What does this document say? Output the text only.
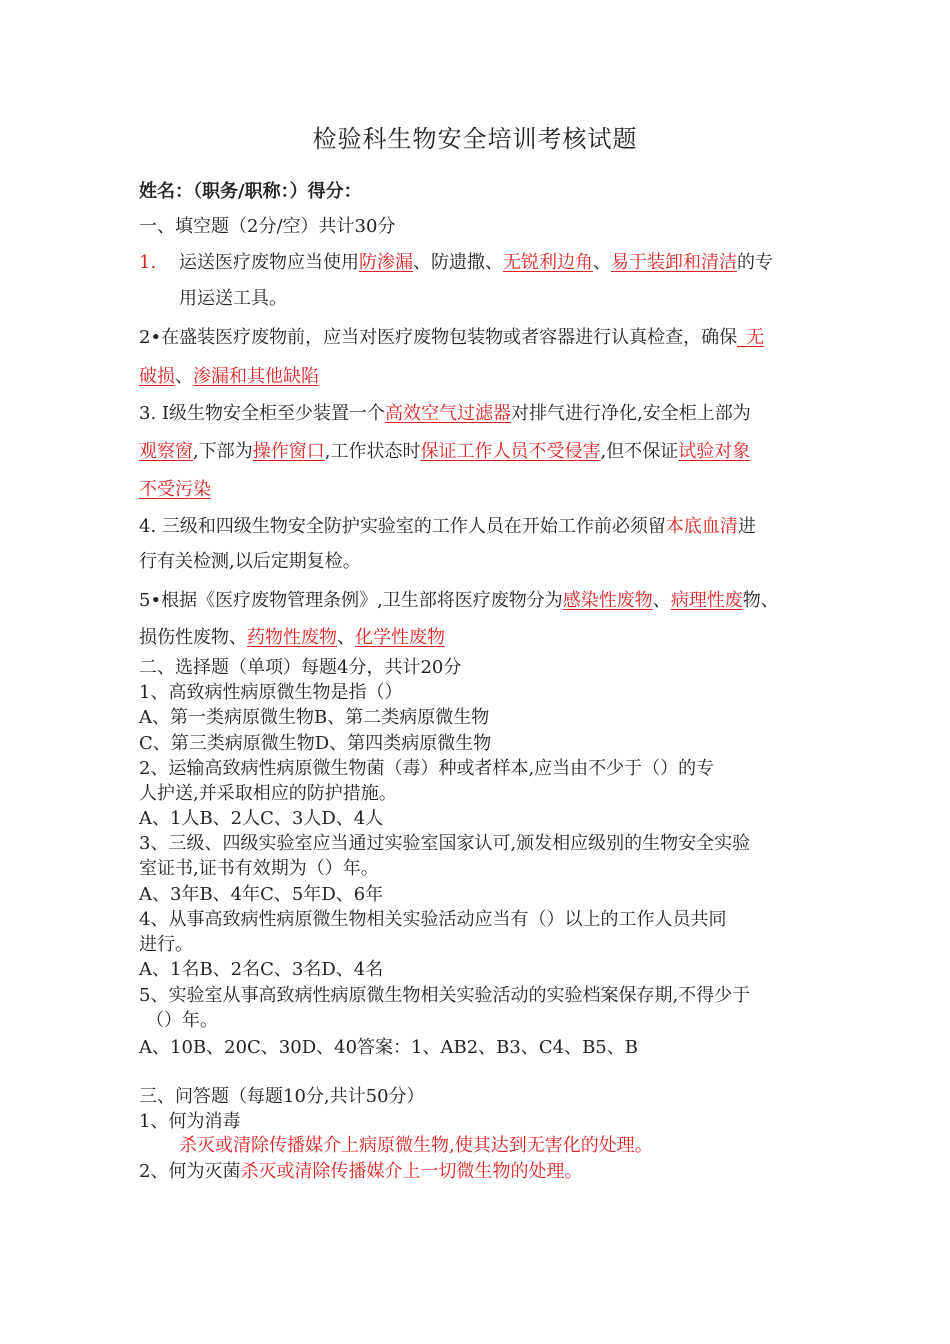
检验科生物安全培训考核试题
姓名：（职务/职称：）得分：
一、填空题（2分/空）共计30分
1. 运送医疗废物应当使用防渗漏、防遗撒、无锐利边角、易于装卸和清洁的专
用运送工具。
2•在盛装医疗废物前，应当对医疗废物包装物或者容器进行认真检查，确保_无
破损、渗漏和其他缺陷
3. Ⅰ级生物安全柜至少装置一个高效空气过滤器对排气进行净化,安全柜上部为
观察窗,下部为操作窗口,工作状态时保证工作人员不受侵害,但不保证试验对象
不受污染
4. 三级和四级生物安全防护实验室的工作人员在开始工作前必须留本底血清进
行有关检测,以后定期复检。
5•根据《医疗废物管理条例》,卫生部将医疗废物分为感染性废物、病理性废物、
损伤性废物、药物性废物、化学性废物
二、选择题（单项）每题4分，共计20分
1、高致病性病原微生物是指（）
A、第一类病原微生物B、第二类病原微生物
C、第三类病原微生物D、第四类病原微生物
2、运输高致病性病原微生物菌（毒）种或者样本,应当由不少于（）的专
人护送,并采取相应的防护措施。
A、1人B、2人C、3人D、4人
3、三级、四级实验室应当通过实验室国家认可,颁发相应级别的生物安全实验
室证书,证书有效期为（）年。
A、3年B、4年C、5年D、6年
4、从事高致病性病原微生物相关实验活动应当有（）以上的工作人员共同
进行。
A、1名B、2名C、3名D、4名
5、实验室从事高致病性病原微生物相关实验活动的实验档案保存期,不得少于
（）年。
A、10B、20C、30D、40答案：1、AB2、B3、C4、B5、B
三、问答题（每题10分,共计50分）
1、何为消毒
杀灭或清除传播媒介上病原微生物,使其达到无害化的处理。
2、何为灭菌杀灭或清除传播媒介上一切微生物的处理。
